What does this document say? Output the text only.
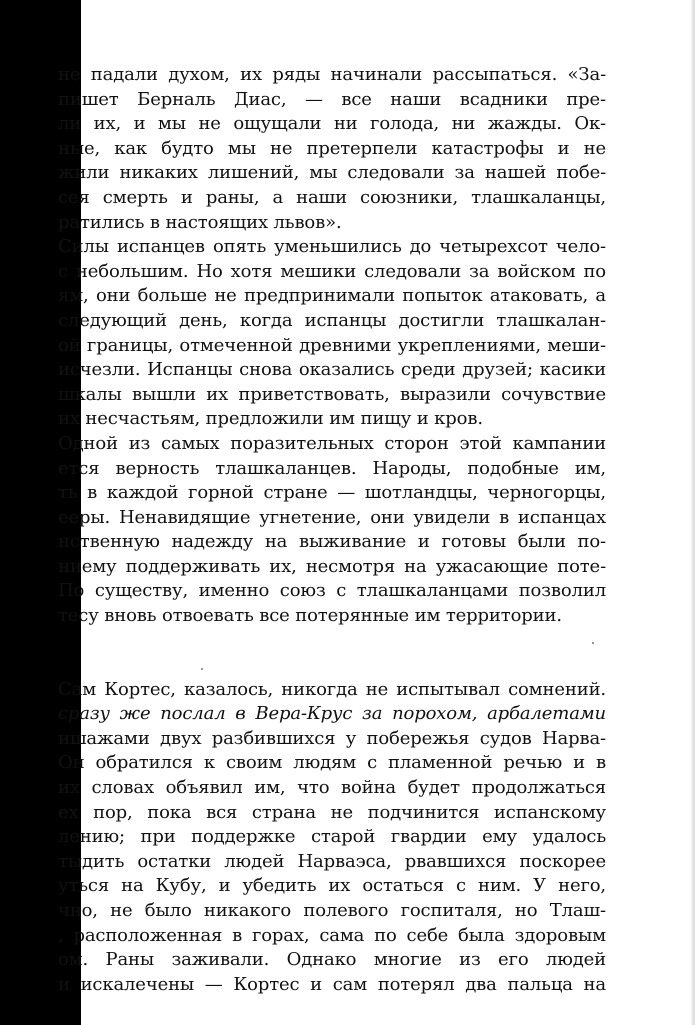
не падали духом, их ряды начинали рассыпаться. «За-
пишет Берналь Диас, — все наши всадники пре-
ли их, и мы не ощущали ни голода, ни жажды. Ок-
ные, как будто мы не претерпели катастрофы и не
жили никаких лишений, мы следовали за нашей побе-
сея смерть и раны, а наши союзники, тлашкаланцы,
ратились в настоящих львов».
Силы испанцев опять уменьшились до четырехсот чело-
с небольшим. Но хотя мешики следовали за войском по
ям, они больше не предпринимали попыток атаковать, а
следующий день, когда испанцы достигли тлашкалан-
ой границы, отмеченной древними укреплениями, меши-
исчезли. Испанцы снова оказались среди друзей; касики
шкалы вышли их приветствовать, выразили сочувствие
их несчастьям, предложили им пищу и кров.
Одной из самых поразительных сторон этой кампании
ется верность тлашкаланцев. Народы, подобные им,
ть в каждой горной стране — шотландцы, черногорцы,
ееры. Ненавидящие угнетение, они увидели в испанцах
нственную надежду на выживание и готовы были по-
ниему поддерживать их, несмотря на ужасающие поте-
По существу, именно союз с тлашкаланцами позволил
тесу вновь отвоевать все потерянные им территории.
Сам Кортес, казалось, никогда не испытывал сомнений.
сразу же послал в Вера-Крус за порохом, арбалетами
ишажами двух разбившихся у побережья судов Нарва-
Он обратился к своим людям с пламенной речью и в
их словах объявил им, что война будет продолжаться
ех пор, пока вся страна не подчинится испанскому
лению; при поддержке старой гвардии ему удалось
тыдить остатки людей Нарваэса, рвавшихся поскорее
уться на Кубу, и убедить их остаться с ним. У него,
чно, не было никакого полевого госпиталя, но Тлаш-
, расположенная в горах, сама по себе была здоровым
ом. Раны заживали. Однако многие из его людей
и искалечены — Кортес и сам потерял два пальца на
